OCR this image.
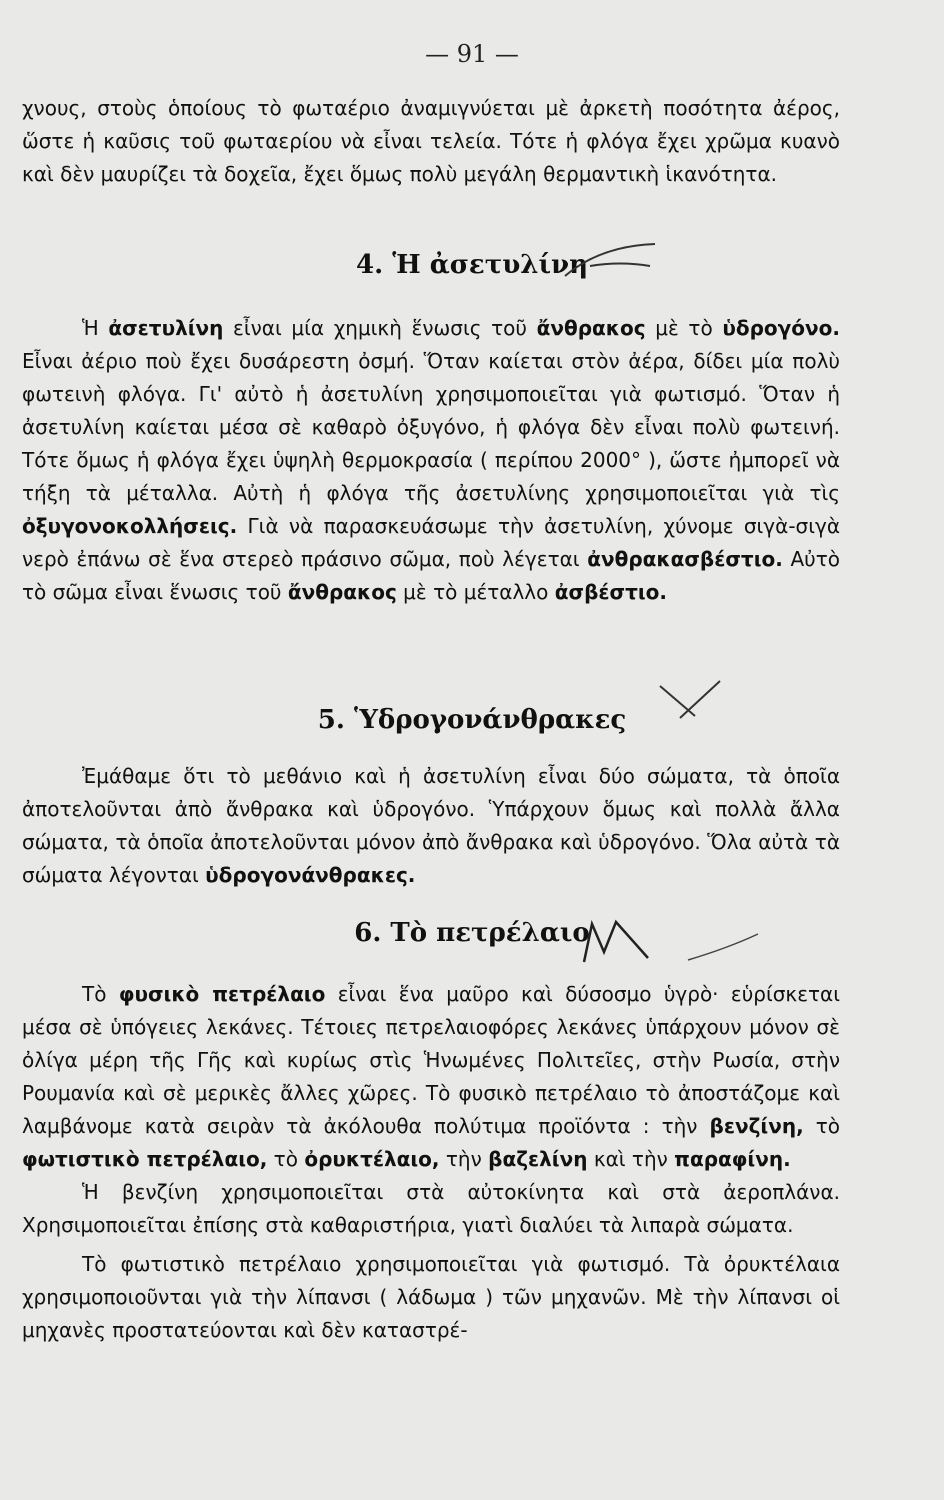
— 91 —

χνους, στοὺς ὁποίους τὸ φωταέριο ἀναμιγνύεται μὲ ἀρκετὴ ποσότητα ἀέρος, ὥστε ἡ καῦσις τοῦ φωταερίου νὰ εἶναι τελεία. Τότε ἡ φλόγα ἔχει χρῶμα κυανὸ καὶ δὲν μαυρίζει τὰ δοχεῖα, ἔχει ὅμως πολὺ μεγάλη θερμαντικὴ ἱκανότητα.

4. Ἡ ἀσετυλίνη

Ἡ ἀσετυλίνη εἶναι μία χημικὴ ἕνωσις τοῦ ἄνθρακος μὲ τὸ ὑδρογόνο. Εἶναι ἀέριο ποὺ ἔχει δυσάρεστη ὀσμή. Ὅταν καίεται στὸν ἀέρα, δίδει μία πολὺ φωτεινὴ φλόγα. Γι' αὐτὸ ἡ ἀσετυλίνη χρησιμοποιεῖται γιὰ φωτισμό. Ὅταν ἡ ἀσετυλίνη καίεται μέσα σὲ καθαρὸ ὀξυγόνο, ἡ φλόγα δὲν εἶναι πολὺ φωτεινή. Τότε ὅμως ἡ φλόγα ἔχει ὑψηλὴ θερμοκρασία ( περίπου 2000° ), ὥστε ἠμπορεῖ νὰ τήξη τὰ μέταλλα. Αὐτὴ ἡ φλόγα τῆς ἀσετυλίνης χρησιμοποιεῖται γιὰ τὶς ὀξυγονοκολλήσεις. Γιὰ νὰ παρασκευάσωμε τὴν ἀσετυλίνη, χύνομε σιγὰ-σιγὰ νερὸ ἐπάνω σὲ ἕνα στερεὸ πράσινο σῶμα, ποὺ λέγεται ἀνθρακασβέστιο. Αὐτὸ τὸ σῶμα εἶναι ἕνωσις τοῦ ἄνθρακος μὲ τὸ μέταλλο ἀσβέστιο.

5. Ὑδρογονάνθρακες

Ἐμάθαμε ὅτι τὸ μεθάνιο καὶ ἡ ἀσετυλίνη εἶναι δύο σώματα, τὰ ὁποῖα ἀποτελοῦνται ἀπὸ ἄνθρακα καὶ ὑδρογόνο. Ὑπάρχουν ὅμως καὶ πολλὰ ἄλλα σώματα, τὰ ὁποῖα ἀποτελοῦνται μόνον ἀπὸ ἄνθρακα καὶ ὑδρογόνο. Ὅλα αὐτὰ τὰ σώματα λέγονται ὑδρογονάνθρακες.

6. Τὸ πετρέλαιο

Τὸ φυσικὸ πετρέλαιο εἶναι ἕνα μαῦρο καὶ δύσοσμο ὑγρὸ· εὑρίσκεται μέσα σὲ ὑπόγειες λεκάνες. Τέτοιες πετρελαιοφόρες λεκάνες ὑπάρχουν μόνον σὲ ὀλίγα μέρη τῆς Γῆς καὶ κυρίως στὶς Ἡνωμένες Πολιτεῖες, στὴν Ρωσία, στὴν Ρουμανία καὶ σὲ μερικὲς ἄλλες χῶρες. Τὸ φυσικὸ πετρέλαιο τὸ ἀποστάζομε καὶ λαμβάνομε κατὰ σειρὰν τὰ ἀκόλουθα πολύτιμα προϊόντα : τὴν βενζίνη, τὸ φωτιστικὸ πετρέλαιο, τὸ ὀρυκτέλαιο, τὴν βαζελίνη καὶ τὴν παραφίνη.

Ἡ βενζίνη χρησιμοποιεῖται στὰ αὐτοκίνητα καὶ στὰ ἀεροπλάνα. Χρησιμοποιεῖται ἐπίσης στὰ καθαριστήρια, γιατὶ διαλύει τὰ λιπαρὰ σώματα.

Τὸ φωτιστικὸ πετρέλαιο χρησιμοποιεῖται γιὰ φωτισμό. Τὰ ὀρυκτέλαια χρησιμοποιοῦνται γιὰ τὴν λίπανσι ( λάδωμα ) τῶν μηχανῶν. Μὲ τὴν λίπανσι οἱ μηχανὲς προστατεύονται καὶ δὲν καταστρέ-
